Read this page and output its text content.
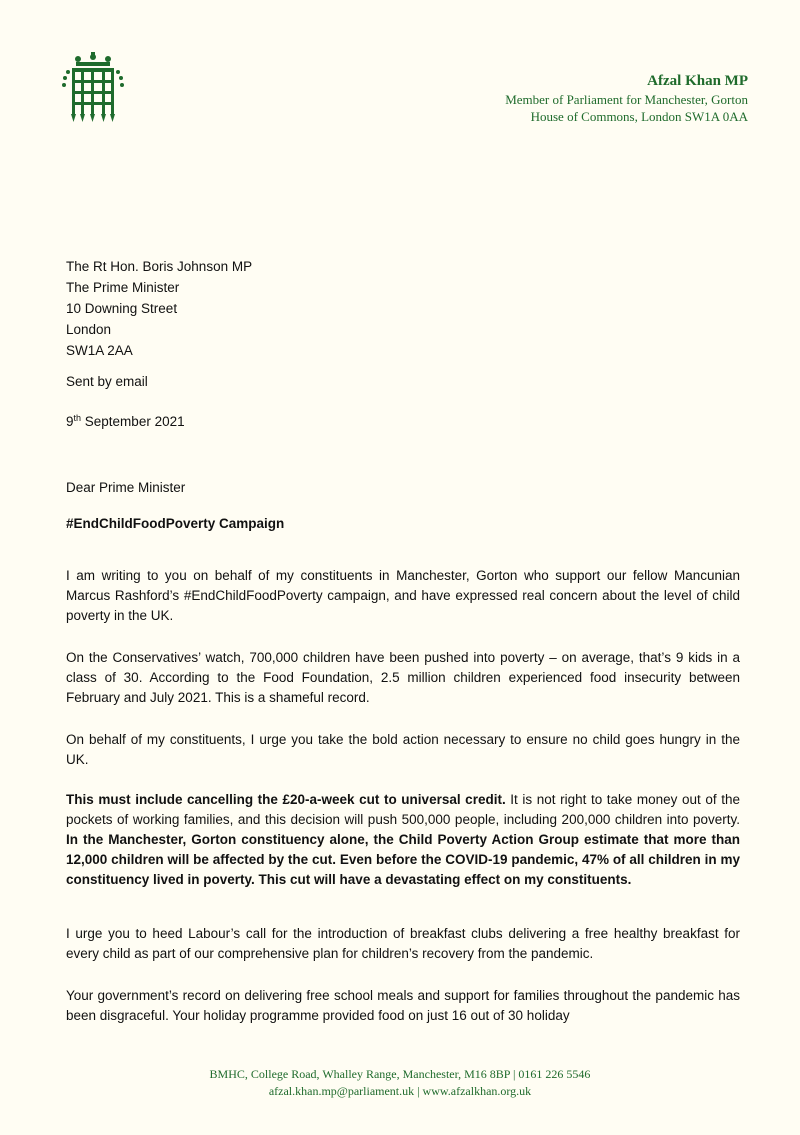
Afzal Khan MP
Member of Parliament for Manchester, Gorton
House of Commons, London SW1A 0AA
The Rt Hon. Boris Johnson MP
The Prime Minister
10 Downing Street
London
SW1A 2AA
Sent by email
9th September 2021
Dear Prime Minister
#EndChildFoodPoverty Campaign

I am writing to you on behalf of my constituents in Manchester, Gorton who support our fellow Mancunian Marcus Rashford’s #EndChildFoodPoverty campaign, and have expressed real concern about the level of child poverty in the UK.

On the Conservatives’ watch, 700,000 children have been pushed into poverty – on average, that’s 9 kids in a class of 30. According to the Food Foundation, 2.5 million children experienced food insecurity between February and July 2021. This is a shameful record.

On behalf of my constituents, I urge you take the bold action necessary to ensure no child goes hungry in the UK.

This must include cancelling the £20-a-week cut to universal credit. It is not right to take money out of the pockets of working families, and this decision will push 500,000 people, including 200,000 children into poverty. In the Manchester, Gorton constituency alone, the Child Poverty Action Group estimate that more than 12,000 children will be affected by the cut. Even before the COVID-19 pandemic, 47% of all children in my constituency lived in poverty. This cut will have a devastating effect on my constituents.

I urge you to heed Labour’s call for the introduction of breakfast clubs delivering a free healthy breakfast for every child as part of our comprehensive plan for children’s recovery from the pandemic.

Your government’s record on delivering free school meals and support for families throughout the pandemic has been disgraceful. Your holiday programme provided food on just 16 out of 30 holiday

BMHC, College Road, Whalley Range, Manchester, M16 8BP | 0161 226 5546
afzal.khan.mp@parliament.uk | www.afzalkhan.org.uk
